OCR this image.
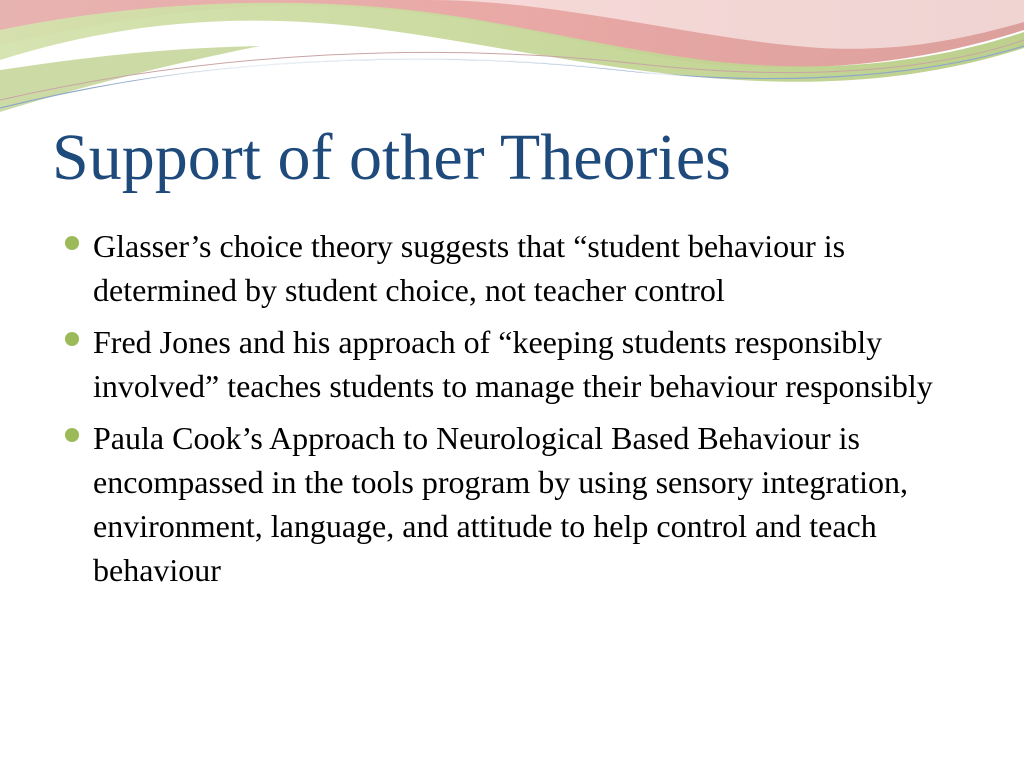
Support of other Theories
Glasser’s choice theory suggests that “student behaviour is determined by student choice, not teacher control
Fred Jones and his approach of “keeping students responsibly involved” teaches students to manage their behaviour responsibly
Paula Cook’s Approach to Neurological Based Behaviour is encompassed in the tools program by using sensory integration, environment, language, and attitude to help control and teach behaviour
